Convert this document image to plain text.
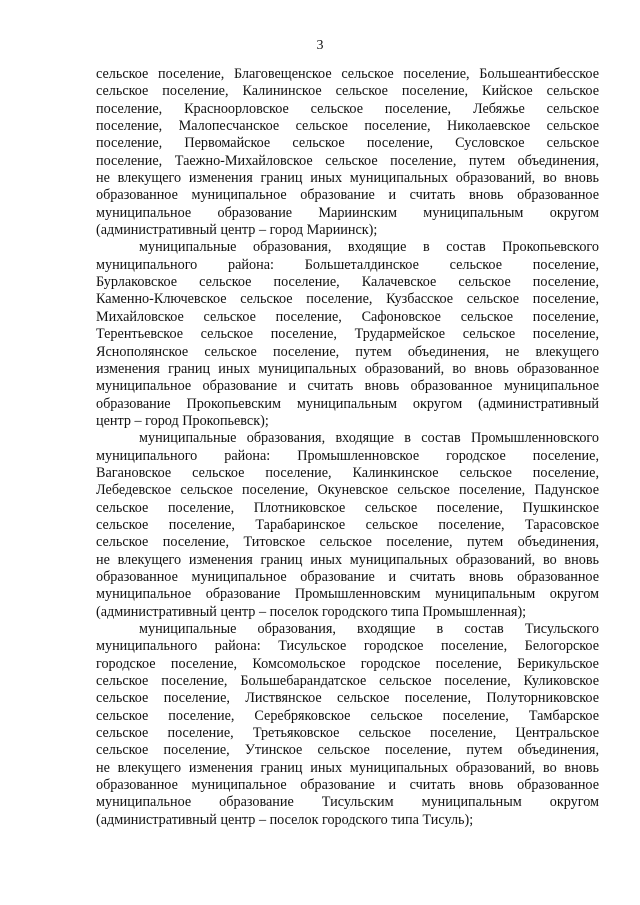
3
сельское поселение, Благовещенское сельское поселение, Большеантибесское
сельское поселение, Калининское сельское поселение, Кийское сельское
поселение, Красноорловское сельское поселение, Лебяжье сельское
поселение, Малопесчанское сельское поселение, Николаевское сельское
поселение, Первомайское сельское поселение, Сусловское сельское
поселение, Таежно-Михайловское сельское поселение, путем объединения,
не влекущего изменения границ иных муниципальных образований, во вновь
образованное муниципальное образование и считать вновь образованное
муниципальное образование Мариинским муниципальным округом
(административный центр – город Мариинск);
муниципальные образования, входящие в состав Прокопьевского
муниципального района: Большеталдинское сельское поселение,
Бурлаковское сельское поселение, Калачевское сельское поселение,
Каменно-Ключевское сельское поселение, Кузбасское сельское поселение,
Михайловское сельское поселение, Сафоновское сельское поселение,
Терентьевское сельское поселение, Трудармейское сельское поселение,
Яснополянское сельское поселение, путем объединения, не влекущего
изменения границ иных муниципальных образований, во вновь образованное
муниципальное образование и считать вновь образованное муниципальное
образование Прокопьевским муниципальным округом (административный
центр – город Прокопьевск);
муниципальные образования, входящие в состав Промышленновского
муниципального района: Промышленновское городское поселение,
Вагановское сельское поселение, Калинкинское сельское поселение,
Лебедевское сельское поселение, Окуневское сельское поселение, Падунское
сельское поселение, Плотниковское сельское поселение, Пушкинское
сельское поселение, Тарабаринское сельское поселение, Тарасовское
сельское поселение, Титовское сельское поселение, путем объединения,
не влекущего изменения границ иных муниципальных образований, во вновь
образованное муниципальное образование и считать вновь образованное
муниципальное образование Промышленновским муниципальным округом
(административный центр – поселок городского типа Промышленная);
муниципальные образования, входящие в состав Тисульского
муниципального района: Тисульское городское поселение, Белогорское
городское поселение, Комсомольское городское поселение, Берикульское
сельское поселение, Большебарандатское сельское поселение, Куликовское
сельское поселение, Листвянское сельское поселение, Полуторниковское
сельское поселение, Серебряковское сельское поселение, Тамбарское
сельское поселение, Третьяковское сельское поселение, Центральское
сельское поселение, Утинское сельское поселение, путем объединения,
не влекущего изменения границ иных муниципальных образований, во вновь
образованное муниципальное образование и считать вновь образованное
муниципальное образование Тисульским муниципальным округом
(административный центр – поселок городского типа Тисуль);
